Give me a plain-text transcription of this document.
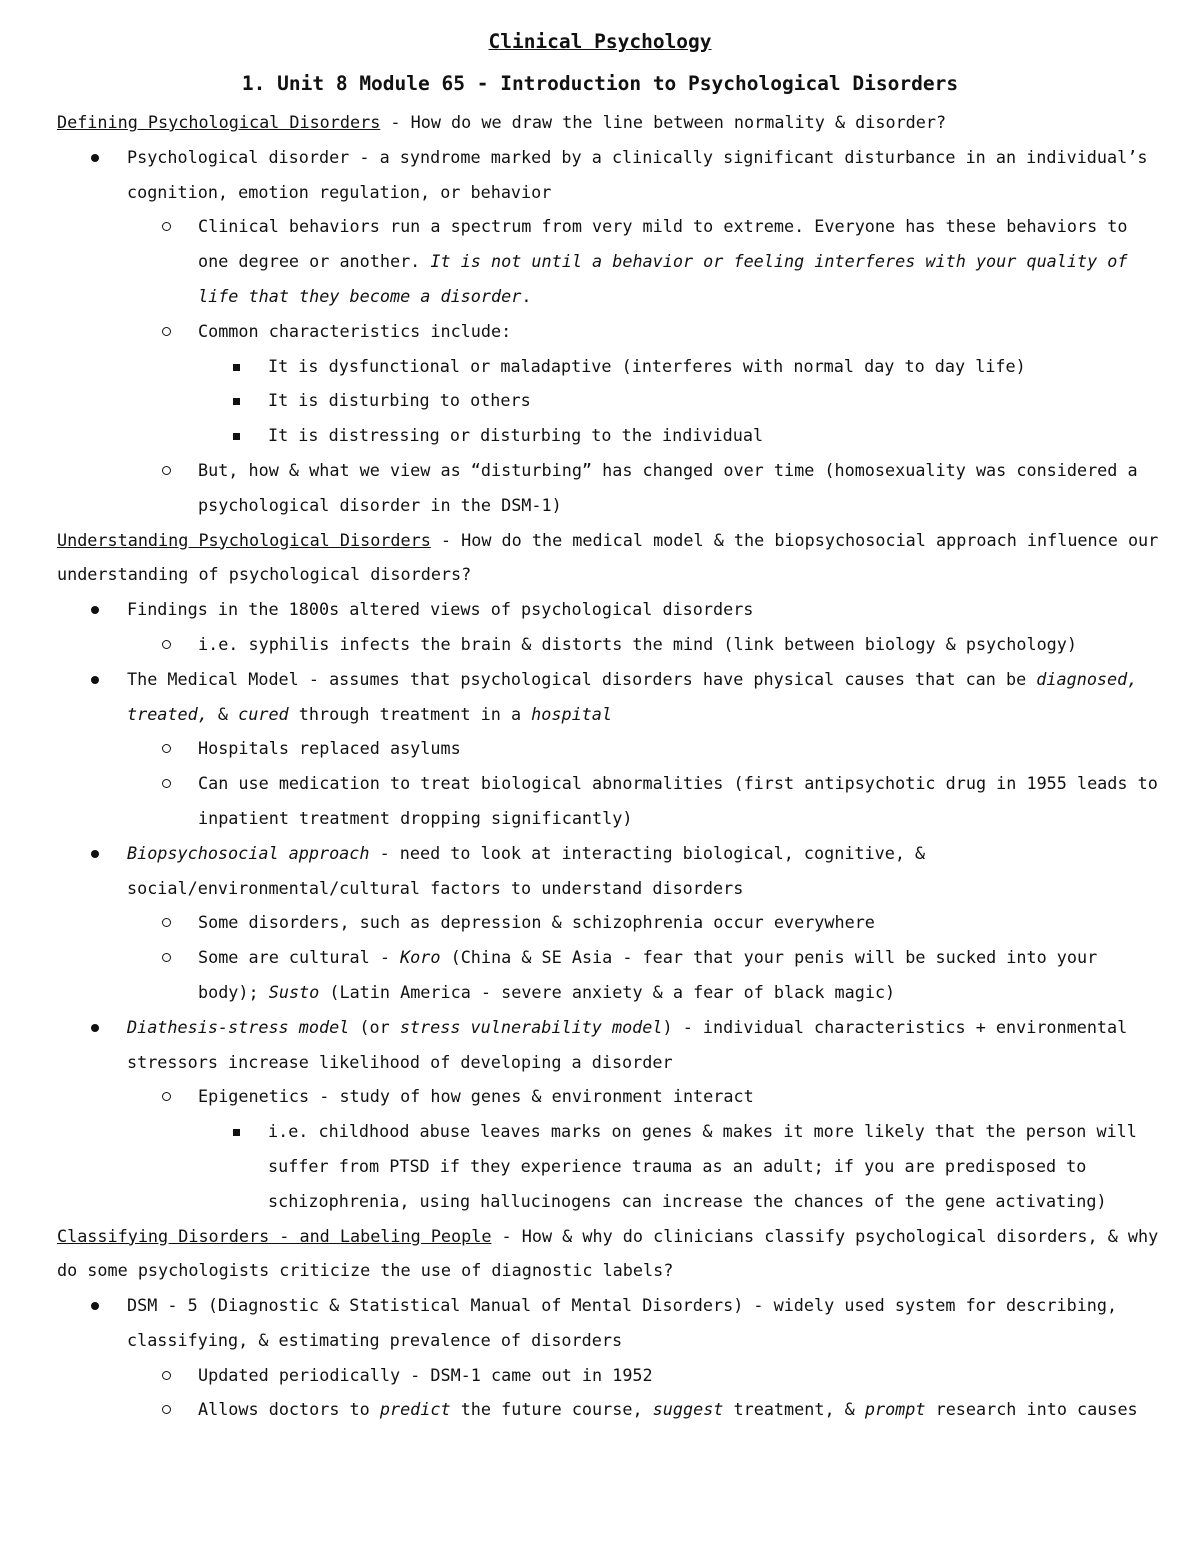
Clinical Psychology
1. Unit 8 Module 65 - Introduction to Psychological Disorders

Defining Psychological Disorders - How do we draw the line between normality & disorder?

Psychological disorder - a syndrome marked by a clinically significant disturbance in an individual’s cognition, emotion regulation, or behavior
Clinical behaviors run a spectrum from very mild to extreme. Everyone has these behaviors to one degree or another. It is not until a behavior or feeling interferes with your quality of life that they become a disorder.
Common characteristics include:
It is dysfunctional or maladaptive (interferes with normal day to day life)
It is disturbing to others
It is distressing or disturbing to the individual
But, how & what we view as “disturbing” has changed over time (homosexuality was considered a psychological disorder in the DSM-1)

Understanding Psychological Disorders - How do the medical model & the biopsychosocial approach influence our understanding of psychological disorders?

Findings in the 1800s altered views of psychological disorders
i.e. syphilis infects the brain & distorts the mind (link between biology & psychology)
The Medical Model - assumes that psychological disorders have physical causes that can be diagnosed, treated, & cured through treatment in a hospital
Hospitals replaced asylums
Can use medication to treat biological abnormalities (first antipsychotic drug in 1955 leads to inpatient treatment dropping significantly)
Biopsychosocial approach - need to look at interacting biological, cognitive, & social/environmental/cultural factors to understand disorders
Some disorders, such as depression & schizophrenia occur everywhere
Some are cultural - Koro (China & SE Asia - fear that your penis will be sucked into your body); Susto (Latin America - severe anxiety & a fear of black magic)
Diathesis-stress model (or stress vulnerability model) - individual characteristics + environmental stressors increase likelihood of developing a disorder
Epigenetics - study of how genes & environment interact
i.e. childhood abuse leaves marks on genes & makes it more likely that the person will suffer from PTSD if they experience trauma as an adult; if you are predisposed to schizophrenia, using hallucinogens can increase the chances of the gene activating)

Classifying Disorders - and Labeling People - How & why do clinicians classify psychological disorders, & why do some psychologists criticize the use of diagnostic labels?

DSM - 5 (Diagnostic & Statistical Manual of Mental Disorders) - widely used system for describing, classifying, & estimating prevalence of disorders
Updated periodically - DSM-1 came out in 1952
Allows doctors to predict the future course, suggest treatment, & prompt research into causes
